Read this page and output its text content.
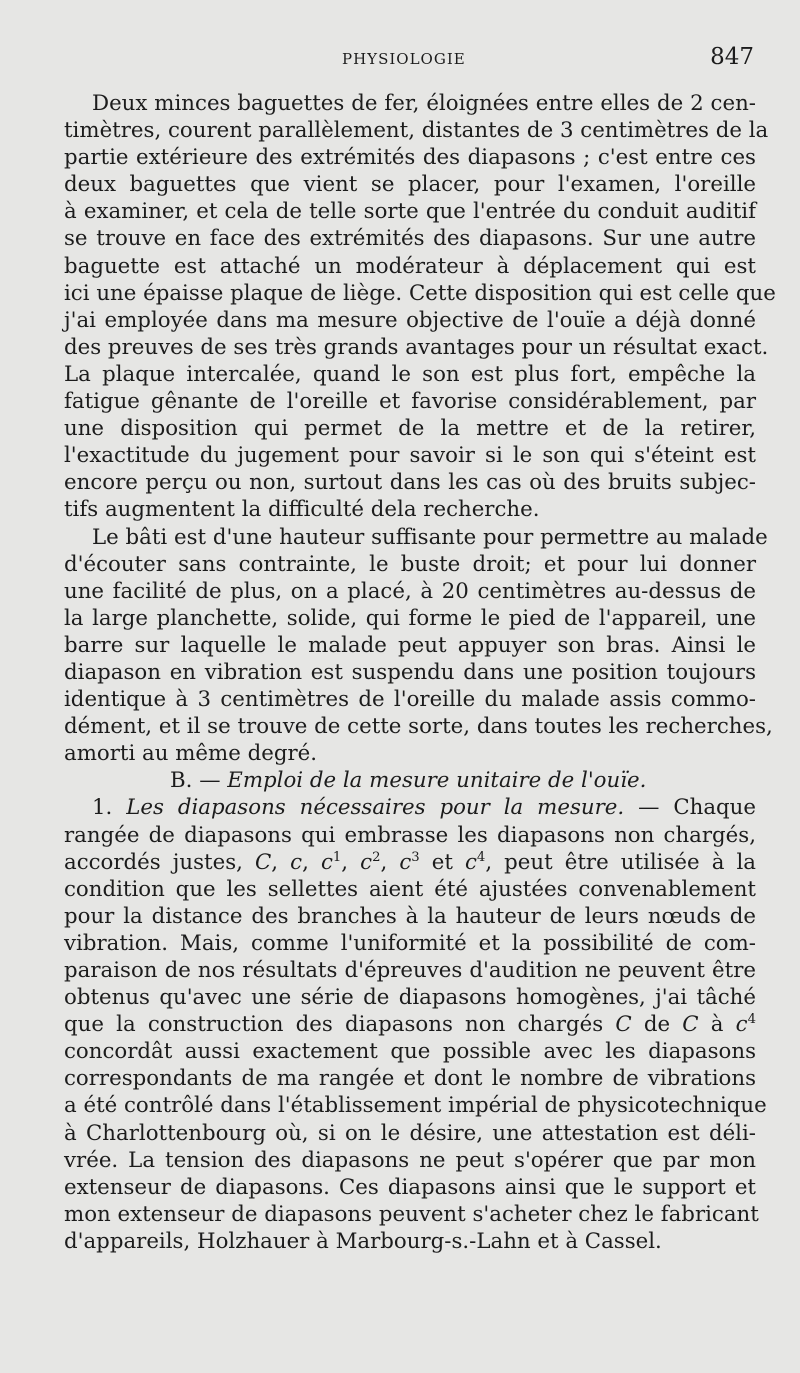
PHYSIOLOGIE	847

Deux minces baguettes de fer, éloignées entre elles de 2 cen-
timètres, courent parallèlement, distantes de 3 centimètres de la
partie extérieure des extrémités des diapasons ; c'est entre ces
deux baguettes que vient se placer, pour l'examen, l'oreille
à examiner, et cela de telle sorte que l'entrée du conduit auditif
se trouve en face des extrémités des diapasons. Sur une autre
baguette est attaché un modérateur à déplacement qui est
ici une épaisse plaque de liège. Cette disposition qui est celle que
j'ai employée dans ma mesure objective de l'ouïe a déjà donné
des preuves de ses très grands avantages pour un résultat exact.
La plaque intercalée, quand le son est plus fort, empêche la
fatigue gênante de l'oreille et favorise considérablement, par
une disposition qui permet de la mettre et de la retirer,
l'exactitude du jugement pour savoir si le son qui s'éteint est
encore perçu ou non, surtout dans les cas où des bruits subjec-
tifs augmentent la difficulté dela recherche.

Le bâti est d'une hauteur suffisante pour permettre au malade
d'écouter sans contrainte, le buste droit; et pour lui donner
une facilité de plus, on a placé, à 20 centimètres au-dessus de
la large planchette, solide, qui forme le pied de l'appareil, une
barre sur laquelle le malade peut appuyer son bras. Ainsi le
diapason en vibration est suspendu dans une position toujours
identique à 3 centimètres de l'oreille du malade assis commo-
dément, et il se trouve de cette sorte, dans toutes les recherches,
amorti au même degré.

B. — Emploi de la mesure unitaire de l'ouïe.

1. Les diapasons nécessaires pour la mesure. — Chaque
rangée de diapasons qui embrasse les diapasons non chargés,
accordés justes, C, c, $c^1$, $c^2$, $c^3$ et $c^4$, peut être utilisée à la
condition que les sellettes aient été ajustées convenablement
pour la distance des branches à la hauteur de leurs nœuds de
vibration. Mais, comme l'uniformité et la possibilité de com-
paraison de nos résultats d'épreuves d'audition ne peuvent être
obtenus qu'avec une série de diapasons homogènes, j'ai tâché
que la construction des diapasons non chargés C de C à $c^4$
concordât aussi exactement que possible avec les diapasons
correspondants de ma rangée et dont le nombre de vibrations
a été contrôlé dans l'établissement impérial de physicotechnique
à Charlottenbourg où, si on le désire, une attestation est déli-
vrée. La tension des diapasons ne peut s'opérer que par mon
extenseur de diapasons. Ces diapasons ainsi que le support et
mon extenseur de diapasons peuvent s'acheter chez le fabricant
d'appareils, Holzhauer à Marbourg-s.-Lahn et à Cassel.
